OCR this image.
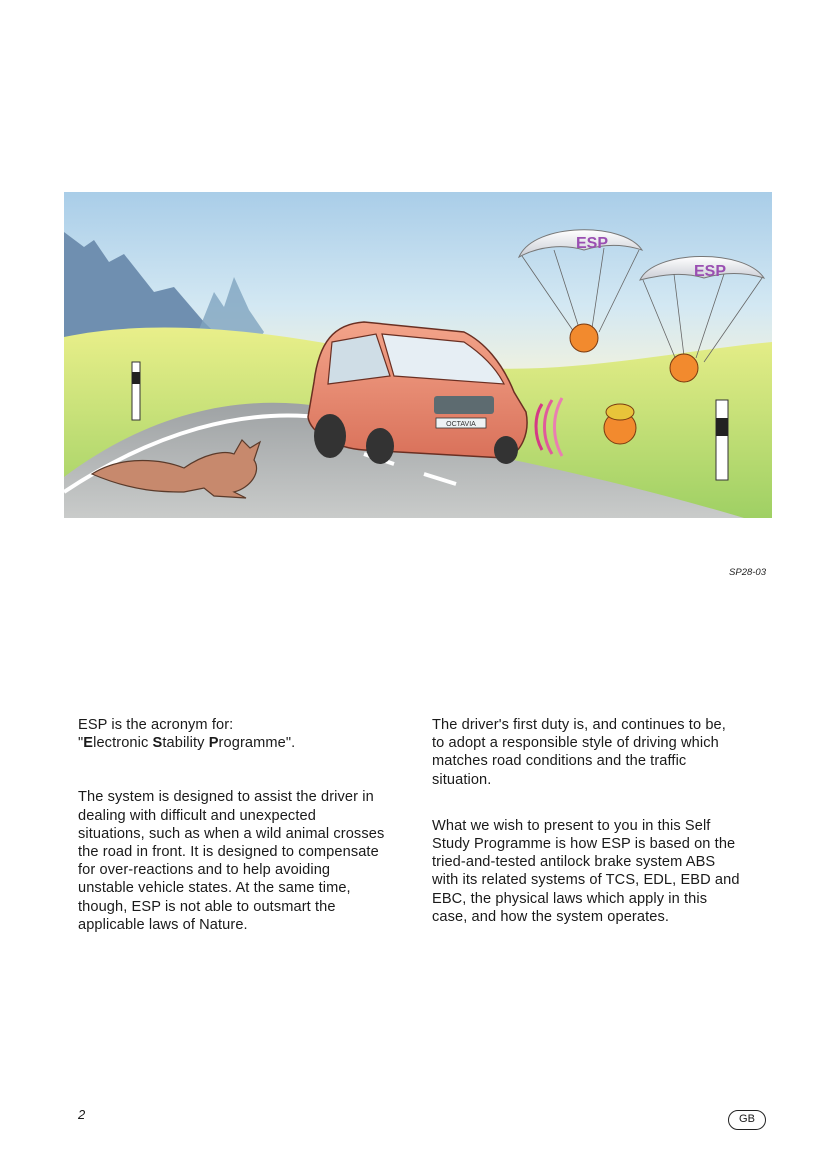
OCTAVIA
ESP
ESP
SP28-03

ESP is the acronym for:

"Electronic Stability Programme".

The system is designed to assist the driver in
dealing with difficult and unexpected
situations, such as when a wild animal crosses
the road in front. It is designed to compensate
for over-reactions and to help avoiding
unstable vehicle states. At the same time,
though, ESP is not able to outsmart the
applicable laws of Nature.

The driver's first duty is, and continues to be,
to adopt a responsible style of driving which
matches road conditions and the traffic
situation.

What we wish to present to you in this Self
Study Programme is how ESP is based on the
tried-and-tested antilock brake system ABS
with its related systems of TCS, EDL, EBD and
EBC, the physical laws which apply in this
case, and how the system operates.

2	GB
